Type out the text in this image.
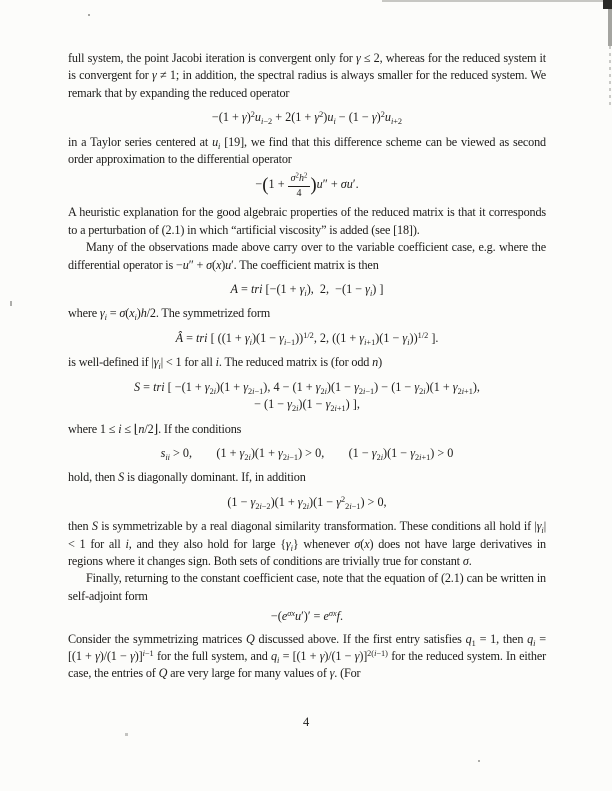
full system, the point Jacobi iteration is convergent only for γ ≤ 2, whereas for the reduced system it is convergent for γ ≠ 1; in addition, the spectral radius is always smaller for the reduced system. We remark that by expanding the reduced operator

$-(1 + \gamma)^2u_{i-2} + 2(1 + \gamma^2)u_i - (1 - \gamma)^2u_{i+2}$

in a Taylor series centered at $u_i$ [19], we find that this difference scheme can be viewed as second order approximation to the differential operator

$-(1 + \frac{\sigma^2h^2}{4} )u'' + \sigma u'$.

A heuristic explanation for the good algebraic properties of the reduced matrix is that it corresponds to a perturbation of (2.1) in which “artificial viscosity” is added (see [18]).

Many of the observations made above carry over to the variable coefficient case, e.g. where the differential operator is −u″ + σ(x)u′. The coefficient matrix is then

A = tri [$-(1 + \gamma_i)$,  2,  $-(1 - \gamma_i)$ ]

where $\gamma_i = \sigma(x_i)h/2$. The symmetrized form

Â = tri [ $((1 + \gamma_i)(1 - \gamma_{i-1}))^{1/2}$, 2, $((1 + \gamma_{i+1})(1 - \gamma_i))^{1/2}$ ].

is well-defined if $|\gamma_i| < 1$ for all i. The reduced matrix is (for odd n)

S = tri [ $-(1 + \gamma_{2i})(1 + \gamma_{2i-1})$, $4 - (1 + \gamma_{2i})(1 - \gamma_{2i-1}) - (1 - \gamma_{2i})(1 + \gamma_{2i+1})$,
− $(1 - \gamma_{2i})(1 - \gamma_{2i+1})$ ],

where 1 ≤ i ≤ ⌊n/2⌋. If the conditions

$s_{ii} > 0$,  $(1 + \gamma_{2i})(1 + \gamma_{2i-1}) > 0$,  $(1 - \gamma_{2i})(1 - \gamma_{2i+1}) > 0$

hold, then S is diagonally dominant. If, in addition

$(1 - \gamma_{2i-2})(1 + \gamma_{2i})(1 - \gamma^2_{2i-1}) > 0$,

then S is symmetrizable by a real diagonal similarity transformation. These conditions all hold if $|\gamma_i| < 1$ for all i, and they also hold for large $\{\gamma_i\}$ whenever σ(x) does not have large derivatives in regions where it changes sign. Both sets of conditions are trivially true for constant σ.

Finally, returning to the constant coefficient case, note that the equation of (2.1) can be written in self-adjoint form

$-(e^{\sigma x}u')' = e^{\sigma x}f$.

Consider the symmetrizing matrices Q discussed above. If the first entry satisfies $q_1 = 1$, then $q_i = [(1 + \gamma)/(1 - \gamma)]^{i-1}$ for the full system, and $q_i = [(1 + \gamma)/(1 - \gamma)]^{2(i-1)}$ for the reduced system. In either case, the entries of Q are very large for many values of γ. (For

4
